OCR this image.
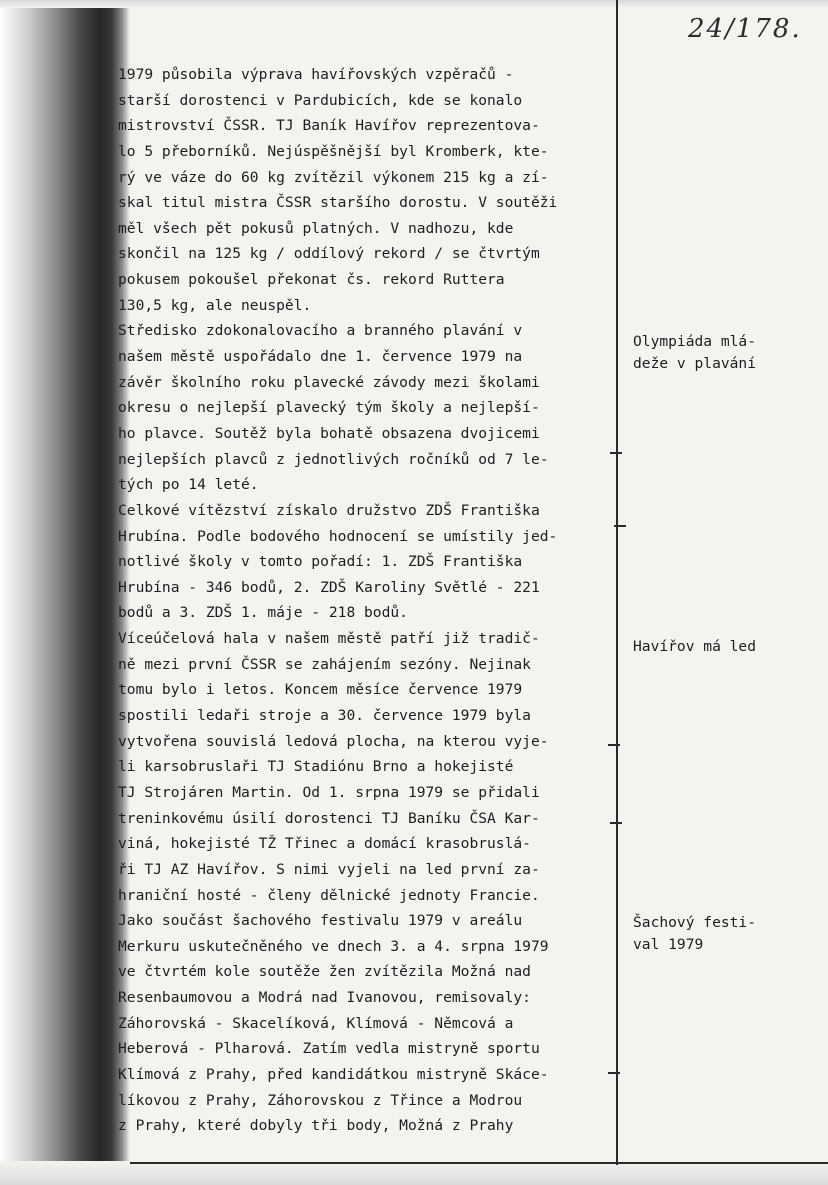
24/178.
1979 působila výprava havířovských vzpěračů -
starší dorostenci v Pardubicích, kde se konalo
mistrovství ČSSR. TJ Baník Havířov reprezentova-
lo 5 přeborníků. Nejúspěšnější byl Kromberk, kte-
rý ve váze do 60 kg zvítězil výkonem 215 kg a zí-
skal titul mistra ČSSR staršího dorostu. V soutěži
měl všech pět pokusů platných. V nadhozu, kde
skončil na 125 kg / oddílový rekord / se čtvrtým
pokusem pokoušel překonat čs. rekord Ruttera
130,5 kg, ale neuspěl.
Středisko zdokonalovacího a branného plavání v
našem městě uspořádalo dne 1. července 1979 na
závěr školního roku plavecké závody mezi školami
okresu o nejlepší plavecký tým školy a nejlepší-
ho plavce. Soutěž byla bohatě obsazena dvojicemi
nejlepších plavců z jednotlivých ročníků od 7 le-
tých po 14 leté.
Celkové vítězství získalo družstvo ZDŠ Františka
Hrubína. Podle bodového hodnocení se umístily jed-
notlivé školy v tomto pořadí: 1. ZDŠ Františka
Hrubína - 346 bodů, 2. ZDŠ Karoliny Světlé - 221
bodů a 3. ZDŠ 1. máje - 218 bodů.
Víceúčelová hala v našem městě patří již tradič-
ně mezi první ČSSR se zahájením sezóny. Nejinak
tomu bylo i letos. Koncem měsíce července 1979
spostili ledaři stroje a 30. července 1979 byla
vytvořena souvislá ledová plocha, na kterou vyje-
li karsobruslaři TJ Stadiónu Brno a hokejisté
TJ Strojáren Martin. Od 1. srpna 1979 se přidali
treninkovému úsilí dorostenci TJ Baníku ČSA Kar-
viná, hokejisté TŽ Třinec a domácí krasobruslá-
ři TJ AZ Havířov. S nimi vyjeli na led první za-
hraniční hosté - členy dělnické jednoty Francie.
Jako součást šachového festivalu 1979 v areálu
Merkuru uskutečněného ve dnech 3. a 4. srpna 1979
ve čtvrtém kole soutěže žen zvítězila Možná nad
Resenbaumovou a Modrá nad Ivanovou, remisovaly:
Záhorovská - Skacelíková, Klímová - Němcová a
Heberová - Plharová. Zatím vedla mistryně sportu
Klímová z Prahy, před kandidátkou mistryně Skáce-
líkovou z Prahy, Záhorovskou z Třince a Modrou
z Prahy, které dobyly tři body, Možná z Prahy
Olympiáda mlá-
deže v plavání
Havířov má led
Šachový festi-
val 1979
